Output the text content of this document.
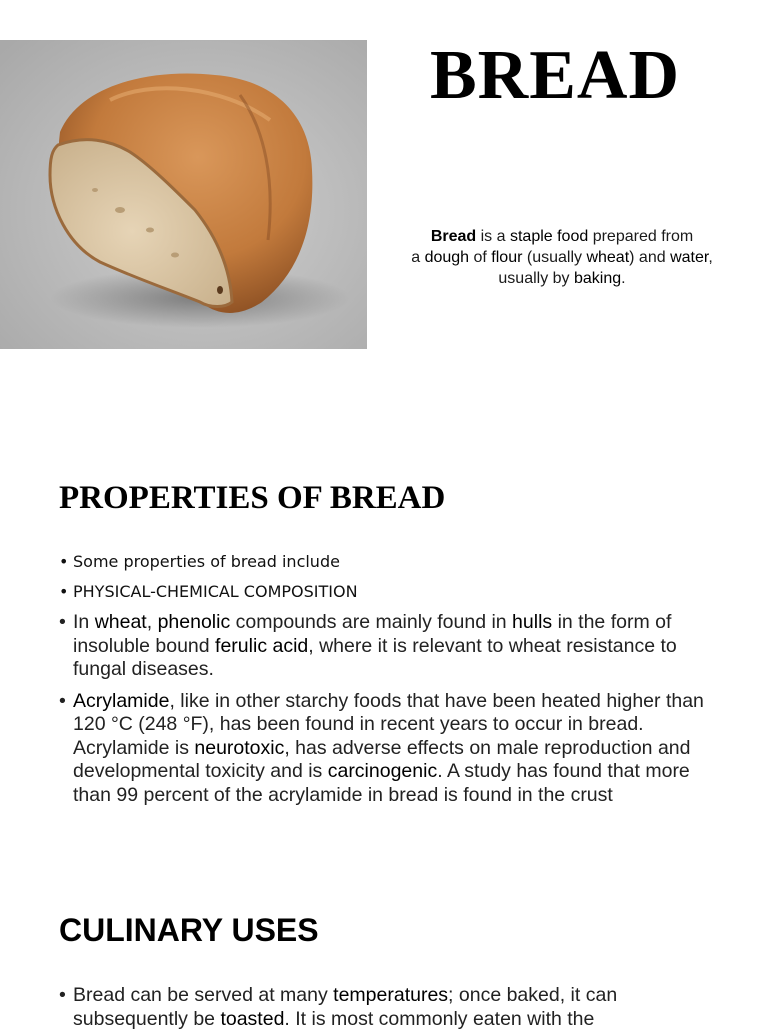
BREAD
Bread is a staple food prepared from
a dough of flour (usually wheat) and water,
usually by baking.
PROPERTIES OF BREAD
• Some properties of bread include
• PHYSICAL-CHEMICAL COMPOSITION
• In wheat, phenolic compounds are mainly found in hulls in the form of insoluble bound ferulic acid, where it is relevant to wheat resistance to fungal diseases.
• Acrylamide, like in other starchy foods that have been heated higher than 120 °C (248 °F), has been found in recent years to occur in bread. Acrylamide is neurotoxic, has adverse effects on male reproduction and developmental toxicity and is carcinogenic. A study has found that more than 99 percent of the acrylamide in bread is found in the crust
CULINARY USES
• Bread can be served at many temperatures; once baked, it can subsequently be toasted. It is most commonly eaten with the
